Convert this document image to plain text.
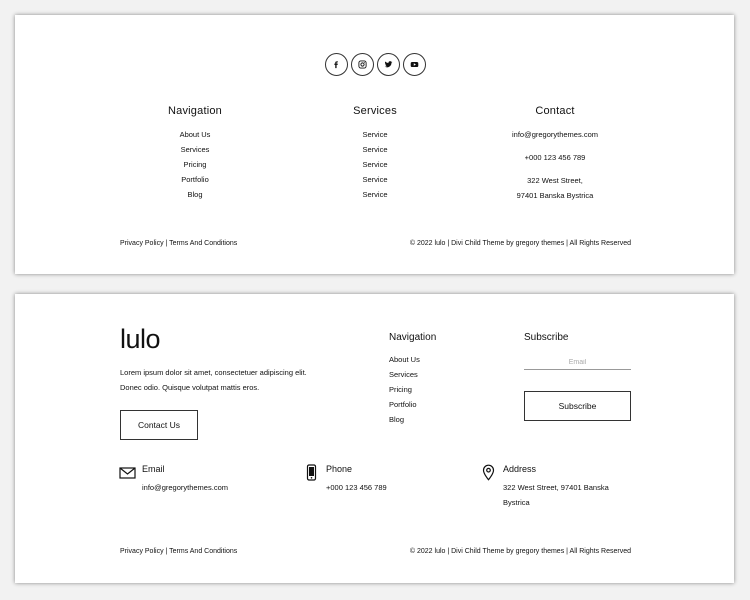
Navigation
About Us
Services
Pricing
Portfolio
Blog
Services
Service
Service
Service
Service
Service
Contact
info@gregorythemes.com
+000 123 456 789
322 West Street,
97401 Banska Bystrica
Privacy Policy | Terms And Conditions	© 2022 lulo | Divi Child Theme by gregory themes | All Rights Reserved
lulo
Lorem ipsum dolor sit amet, consectetuer adipiscing elit.
Donec odio. Quisque volutpat mattis eros.
Contact Us
Navigation
About Us
Services
Pricing
Portfolio
Blog
Subscribe
Email
Subscribe
Email

info@gregorythemes.com

Phone

+000 123 456 789

Address

322 West Street, 97401 Banska
Bystrica

Privacy Policy | Terms And Conditions	© 2022 lulo | Divi Child Theme by gregory themes | All Rights Reserved
